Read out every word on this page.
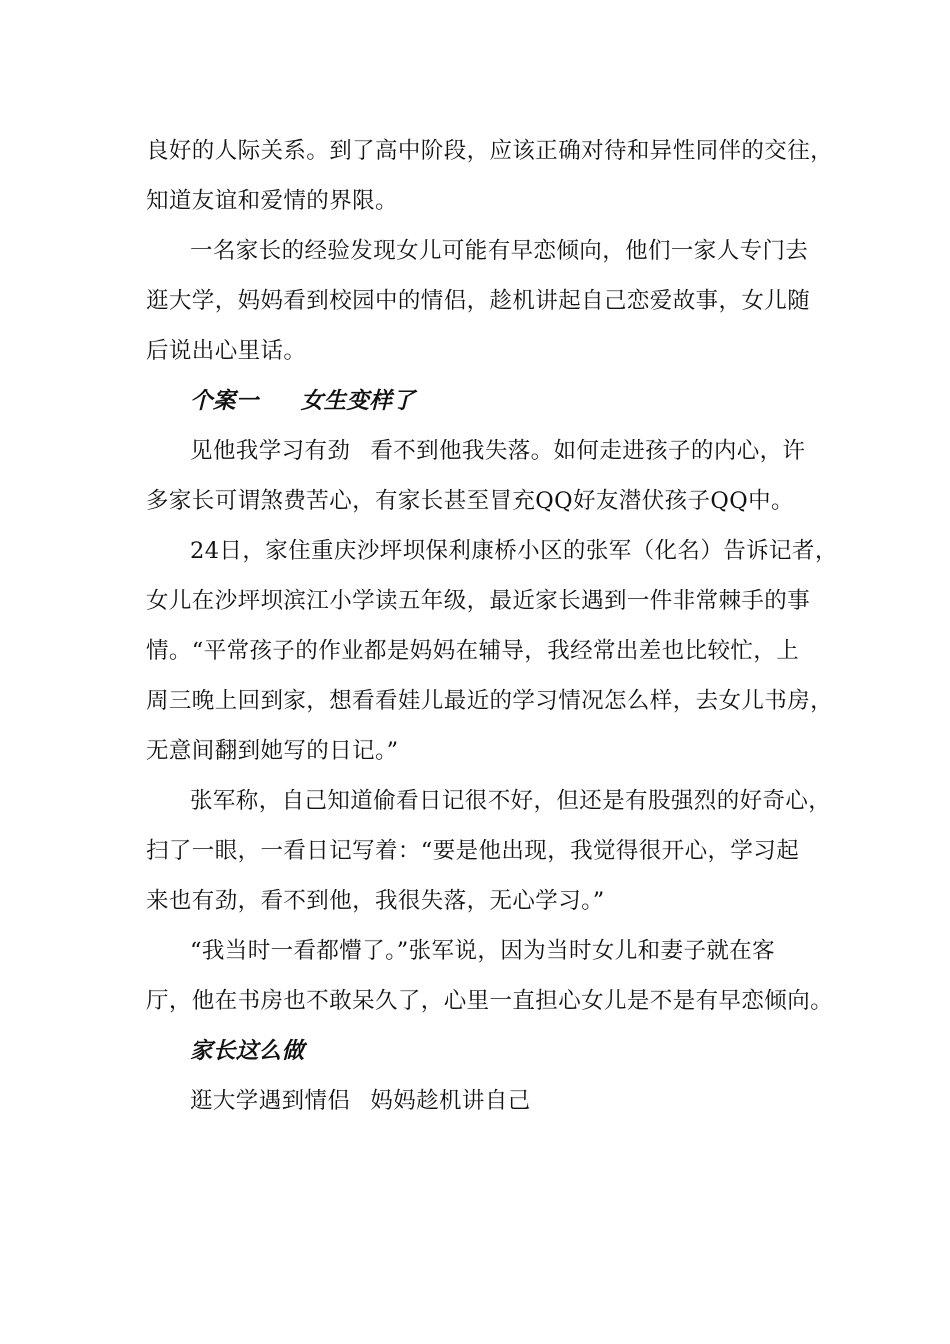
良好的人际关系。到了高中阶段，应该正确对待和异性同伴的交往，
知道友谊和爱情的界限。
一名家长的经验发现女儿可能有早恋倾向，他们一家人专门去
逛大学，妈妈看到校园中的情侣，趁机讲起自己恋爱故事，女儿随
后说出心里话。
个案一 女生变样了
见他我学习有劲 看不到他我失落。如何走进孩子的内心，许
多家长可谓煞费苦心，有家长甚至冒充QQ好友潜伏孩子QQ中。
24日，家住重庆沙坪坝保利康桥小区的张军（化名）告诉记者，
女儿在沙坪坝滨江小学读五年级，最近家长遇到一件非常棘手的事
情。“平常孩子的作业都是妈妈在辅导，我经常出差也比较忙，上
周三晚上回到家，想看看娃儿最近的学习情况怎么样，去女儿书房，
无意间翻到她写的日记。”
张军称，自己知道偷看日记很不好，但还是有股强烈的好奇心，
扫了一眼，一看日记写着：“要是他出现，我觉得很开心，学习起
来也有劲，看不到他，我很失落，无心学习。”
“我当时一看都懵了。”张军说，因为当时女儿和妻子就在客
厅，他在书房也不敢呆久了，心里一直担心女儿是不是有早恋倾向。
家长这么做
逛大学遇到情侣 妈妈趁机讲自己
